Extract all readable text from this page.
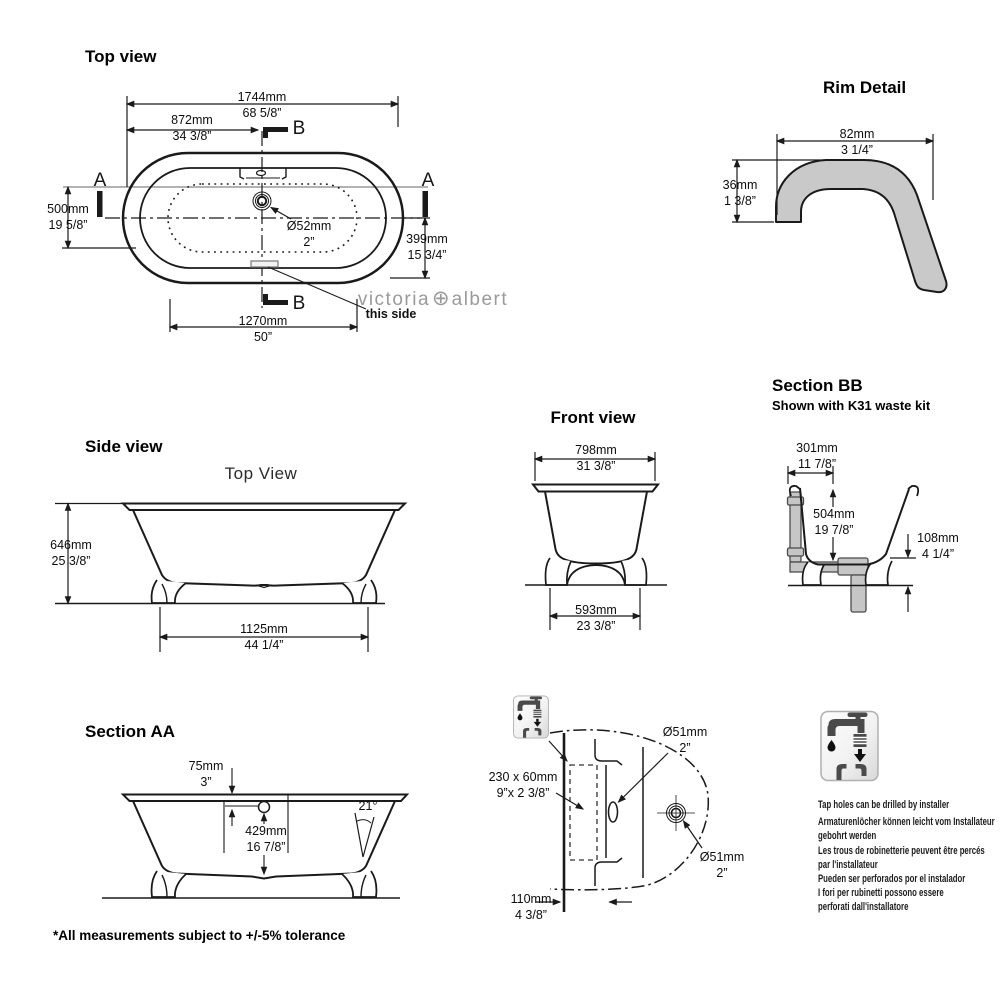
Top view
1744mm
68 5/8”
872mm
34 3/8”
500mm
19 5/8”
399mm
15 3/4”
Ø52mm
2”
1270mm
50”
A	A
B
B	victoria⊕ albert
this side
Rim Detail
82mm
3 1/4”
36mm
1 3/8”
Side view
Top View
646mm
25 3/8”
1125mm
44 1/4”
Front view
798mm
31 3/8”
593mm
23 3/8”
Section BB
Shown with K31 waste kit
301mm
11 7/8”
504mm
19 7/8”
108mm
4 1/4”
Section AA
75mm
3”
429mm
16 7/8”
21°
Ø51mm
2”
230 x 60mm
9”x 2 3/8”
Ø51mm
2”
110mm
4 3/8”
Tap holes can be drilled by installer
Armaturenlöcher können leicht vom Installateur
gebohrt werden
Les trous de robinetterie peuvent être percés
par l'installateur
Pueden ser perforados por el instalador
I fori per rubinetti possono essere
perforati dall'installatore
*All measurements subject to +/-5% tolerance
